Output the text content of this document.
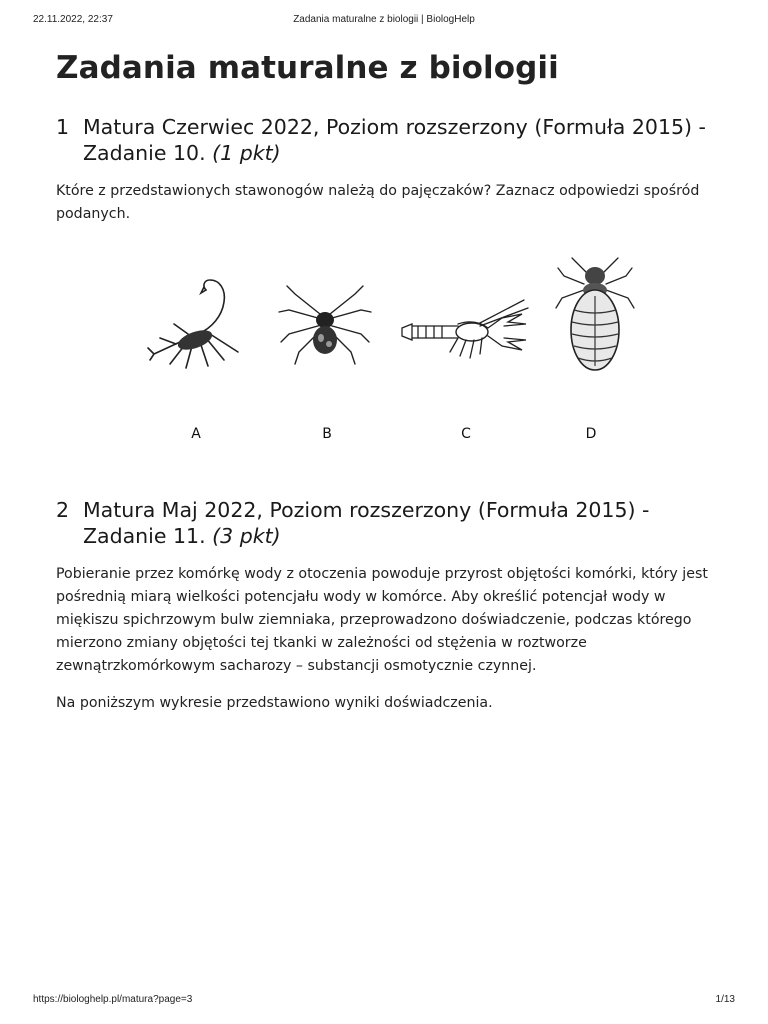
22.11.2022, 22:37	Zadania maturalne z biologii | BiologHelp
Zadania maturalne z biologii
1 Matura Czerwiec 2022, Poziom rozszerzony (Formuła 2015) - Zadanie 10. (1 pkt)

Które z przedstawionych stawonogów należą do pajęczaków? Zaznacz odpowiedzi spośród podanych.

A	B	C	D
2 Matura Maj 2022, Poziom rozszerzony (Formuła 2015) - Zadanie 11. (3 pkt)

Pobieranie przez komórkę wody z otoczenia powoduje przyrost objętości komórki, który jest pośrednią miarą wielkości potencjału wody w komórce. Aby określić potencjał wody w miękiszu spichrzowym bulw ziemniaka, przeprowadzono doświadczenie, podczas którego mierzono zmiany objętości tej tkanki w zależności od stężenia w roztworze zewnątrzkomórkowym sacharozy – substancji osmotycznie czynnej.

Na poniższym wykresie przedstawiono wyniki doświadczenia.

https://biologhelp.pl/matura?page=3	1/13
